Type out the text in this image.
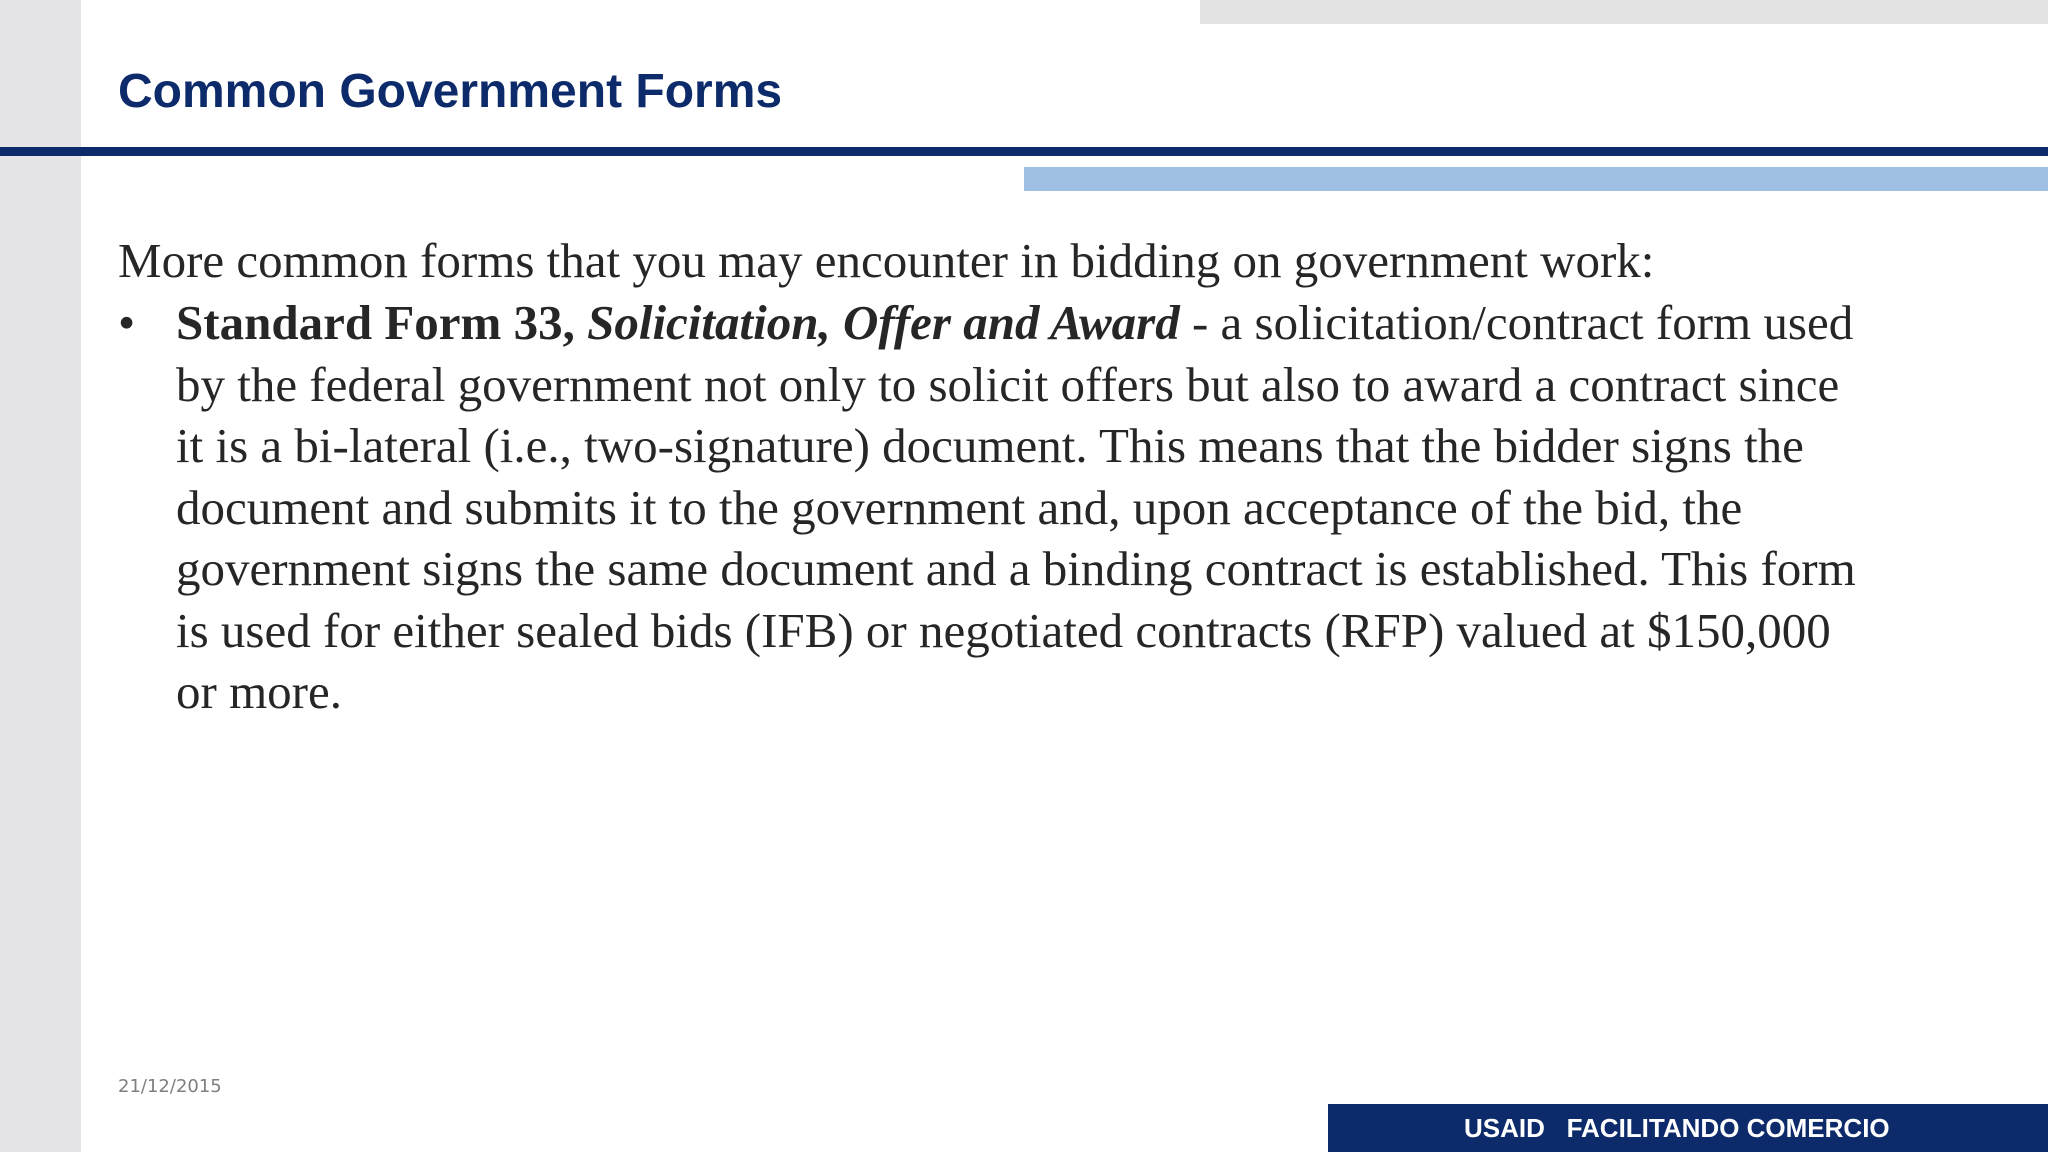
Common Government Forms

More common forms that you may encounter in bidding on government work:

• Standard Form 33, Solicitation, Offer and Award - a solicitation/contract form used
by the federal government not only to solicit offers but also to award a contract since
it is a bi-lateral (i.e., two-signature) document. This means that the bidder signs the
document and submits it to the government and, upon acceptance of the bid, the
government signs the same document and a binding contract is established. This form
is used for either sealed bids (IFB) or negotiated contracts (RFP) valued at $150,000
or more.
21/12/2015
USAID FACILITANDO COMERCIO
